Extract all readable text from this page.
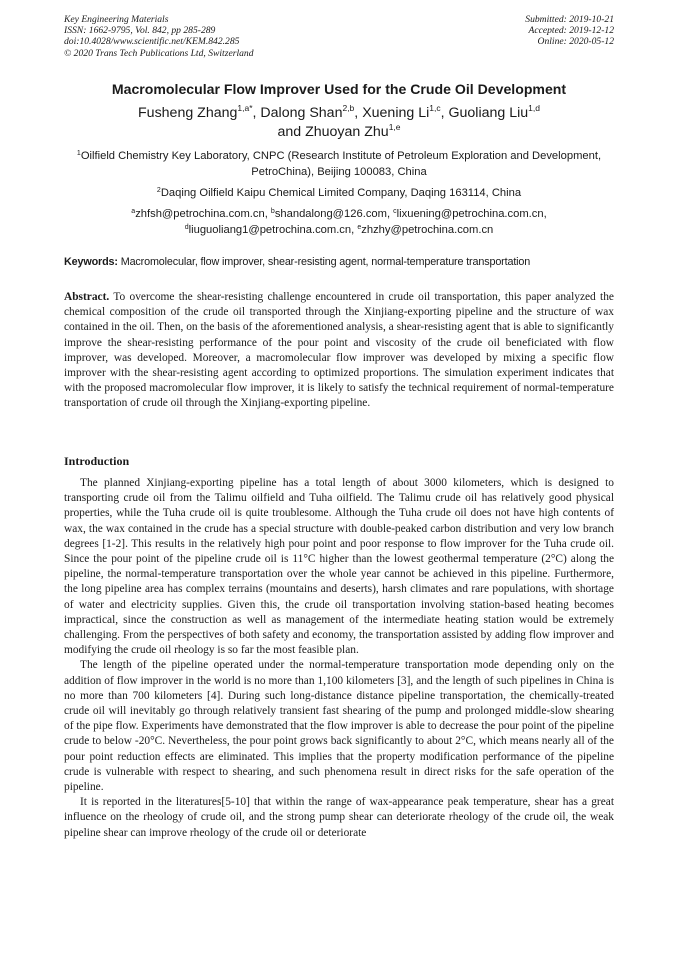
Key Engineering Materials
ISSN: 1662-9795, Vol. 842, pp 285-289
doi:10.4028/www.scientific.net/KEM.842.285
© 2020 Trans Tech Publications Ltd, Switzerland
Submitted: 2019-10-21
Accepted: 2019-12-12
Online: 2020-05-12
Macromolecular Flow Improver Used for the Crude Oil Development
Fusheng Zhang$^{1,a*}$, Dalong Shan$^{2,b}$, Xuening Li$^{1,c}$, Guoliang Liu$^{1,d}$
and Zhuoyan Zhu$^{1,e}$
$^1$Oilfield Chemistry Key Laboratory, CNPC (Research Institute of Petroleum Exploration and Development, PetroChina), Beijing 100083, China
$^2$Daqing Oilfield Kaipu Chemical Limited Company, Daqing 163114, China
$^a$zhfsh@petrochina.com.cn, $^b$shandalong@126.com, $^c$lixuening@petrochina.com.cn,
$^d$liuguoliang1@petrochina.com.cn, $^e$zhzhy@petrochina.com.cn
Keywords: Macromolecular, flow improver, shear-resisting agent, normal-temperature transportation

Abstract. To overcome the shear-resisting challenge encountered in crude oil transportation, this paper analyzed the chemical composition of the crude oil transported through the Xinjiang-exporting pipeline and the structure of wax contained in the oil. Then, on the basis of the aforementioned analysis, a shear-resisting agent that is able to significantly improve the shear-resisting performance of the pour point and viscosity of the crude oil beneficiated with flow improver, was developed. Moreover, a macromolecular flow improver was developed by mixing a specific flow improver with the shear-resisting agent according to optimized proportions. The simulation experiment indicates that with the proposed macromolecular flow improver, it is likely to satisfy the technical requirement of normal-temperature transportation of crude oil through the Xinjiang-exporting pipeline.

Introduction

The planned Xinjiang-exporting pipeline has a total length of about 3000 kilometers, which is designed to transporting crude oil from the Talimu oilfield and Tuha oilfield. The Talimu crude oil has relatively good physical properties, while the Tuha crude oil is quite troublesome. Although the Tuha crude oil does not have high contents of wax, the wax contained in the crude has a special structure with double-peaked carbon distribution and very low branch degrees [1-2]. This results in the relatively high pour point and poor response to flow improver for the Tuha crude oil. Since the pour point of the pipeline crude oil is 11°C higher than the lowest geothermal temperature (2°C) along the pipeline, the normal-temperature transportation over the whole year cannot be achieved in this pipeline. Furthermore, the long pipeline area has complex terrains (mountains and deserts), harsh climates and rare populations, with shortage of water and electricity supplies. Given this, the crude oil transportation involving station-based heating becomes impractical, since the construction as well as management of the intermediate heating station would be extremely challenging. From the perspectives of both safety and economy, the transportation assisted by adding flow improver and modifying the crude oil rheology is so far the most feasible plan.

The length of the pipeline operated under the normal-temperature transportation mode depending only on the addition of flow improver in the world is no more than 1,100 kilometers [3], and the length of such pipelines in China is no more than 700 kilometers [4]. During such long-distance distance pipeline transportation, the chemically-treated crude oil will inevitably go through relatively transient fast shearing of the pump and prolonged middle-slow shearing of the pipe flow. Experiments have demonstrated that the flow improver is able to decrease the pour point of the pipeline crude to below -20°C. Nevertheless, the pour point grows back significantly to about 2°C, which means nearly all of the pour point reduction effects are eliminated. This implies that the property modification performance of the pipeline crude is vulnerable with respect to shearing, and such phenomena result in direct risks for the safe operation of the pipeline.

It is reported in the literatures[5-10] that within the range of wax-appearance peak temperature, shear has a great influence on the rheology of crude oil, and the strong pump shear can deteriorate rheology of the crude oil, the weak pipeline shear can improve rheology of the crude oil or deteriorate
